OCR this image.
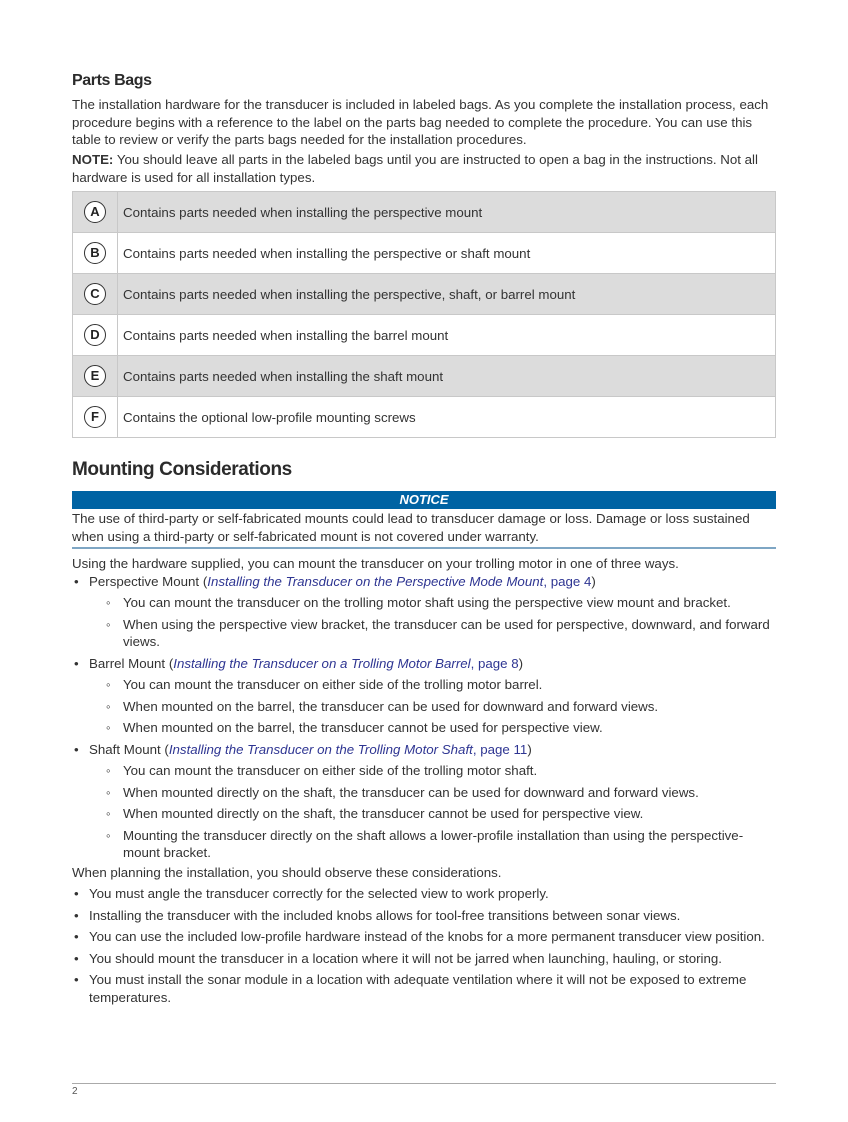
Parts Bags
The installation hardware for the transducer is included in labeled bags. As you complete the installation process, each procedure begins with a reference to the label on the parts bag needed to complete the procedure. You can use this table to review or verify the parts bags needed for the installation procedures.
NOTE: You should leave all parts in the labeled bags until you are instructed to open a bag in the instructions. Not all hardware is used for all installation types.
A	Contains parts needed when installing the perspective mount
B	Contains parts needed when installing the perspective or shaft mount
C	Contains parts needed when installing the perspective, shaft, or barrel mount
D	Contains parts needed when installing the barrel mount
E	Contains parts needed when installing the shaft mount
F	Contains the optional low-profile mounting screws
Mounting Considerations
NOTICE
The use of third-party or self-fabricated mounts could lead to transducer damage or loss. Damage or loss sustained when using a third-party or self-fabricated mount is not covered under warranty.
Using the hardware supplied, you can mount the transducer on your trolling motor in one of three ways.
• Perspective Mount (Installing the Transducer on the Perspective Mode Mount, page 4)
◦ You can mount the transducer on the trolling motor shaft using the perspective view mount and bracket.
◦ When using the perspective view bracket, the transducer can be used for perspective, downward, and forward views.
• Barrel Mount (Installing the Transducer on a Trolling Motor Barrel, page 8)
◦ You can mount the transducer on either side of the trolling motor barrel.
◦ When mounted on the barrel, the transducer can be used for downward and forward views.
◦ When mounted on the barrel, the transducer cannot be used for perspective view.
• Shaft Mount (Installing the Transducer on the Trolling Motor Shaft, page 11)
◦ You can mount the transducer on either side of the trolling motor shaft.
◦ When mounted directly on the shaft, the transducer can be used for downward and forward views.
◦ When mounted directly on the shaft, the transducer cannot be used for perspective view.
◦ Mounting the transducer directly on the shaft allows a lower-profile installation than using the perspective-mount bracket.
When planning the installation, you should observe these considerations.
• You must angle the transducer correctly for the selected view to work properly.
• Installing the transducer with the included knobs allows for tool-free transitions between sonar views.
• You can use the included low-profile hardware instead of the knobs for a more permanent transducer view position.
• You should mount the transducer in a location where it will not be jarred when launching, hauling, or storing.
• You must install the sonar module in a location with adequate ventilation where it will not be exposed to extreme temperatures.
2
